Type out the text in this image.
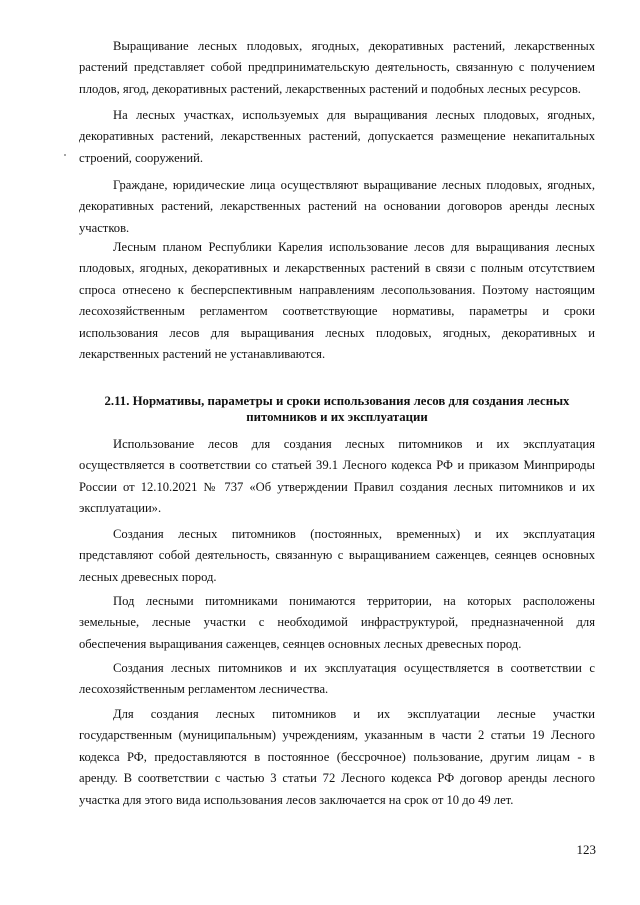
Выращивание лесных плодовых, ягодных, декоративных растений, лекарственных
растений представляет собой предпринимательскую деятельность, связанную с получением
плодов, ягод, декоративных растений, лекарственных растений и подобных лесных ресурсов.
На лесных участках, используемых для выращивания лесных плодовых, ягодных,
декоративных растений, лекарственных растений, допускается размещение некапитальных
строений, сооружений.
Граждане, юридические лица осуществляют выращивание лесных плодовых, ягодных,
декоративных растений, лекарственных растений на основании договоров аренды лесных
участков.
Лесным планом Республики Карелия использование лесов для выращивания лесных
плодовых, ягодных, декоративных и лекарственных растений в связи с полным отсутствием
спроса отнесено к бесперспективным направлениям лесопользования. Поэтому настоящим
лесохозяйственным регламентом соответствующие нормативы, параметры и сроки
использования лесов для выращивания лесных плодовых, ягодных, декоративных и
лекарственных растений не устанавливаются.
2.11. Нормативы, параметры и сроки использования лесов для создания лесных
питомников и их эксплуатации
Использование лесов для создания лесных питомников и их эксплуатация
осуществляется в соответствии со статьей 39.1 Лесного кодекса РФ и приказом Минприроды
России от 12.10.2021 № 737 «Об утверждении Правил создания лесных питомников и их
эксплуатации».
Создания лесных питомников (постоянных, временных) и их эксплуатация
представляют собой деятельность, связанную с выращиванием саженцев, сеянцев основных
лесных древесных пород.
Под лесными питомниками понимаются территории, на которых расположены
земельные, лесные участки с необходимой инфраструктурой, предназначенной для
обеспечения выращивания саженцев, сеянцев основных лесных древесных пород.
Создания лесных питомников и их эксплуатация осуществляется в соответствии с
лесохозяйственным регламентом лесничества.
Для создания лесных питомников и их эксплуатации лесные участки
государственным (муниципальным) учреждениям, указанным в части 2 статьи 19 Лесного
кодекса РФ, предоставляются в постоянное (бессрочное) пользование, другим лицам - в
аренду. В соответствии с частью 3 статьи 72 Лесного кодекса РФ договор аренды лесного
участка для этого вида использования лесов заключается на срок от 10 до 49 лет.
123
